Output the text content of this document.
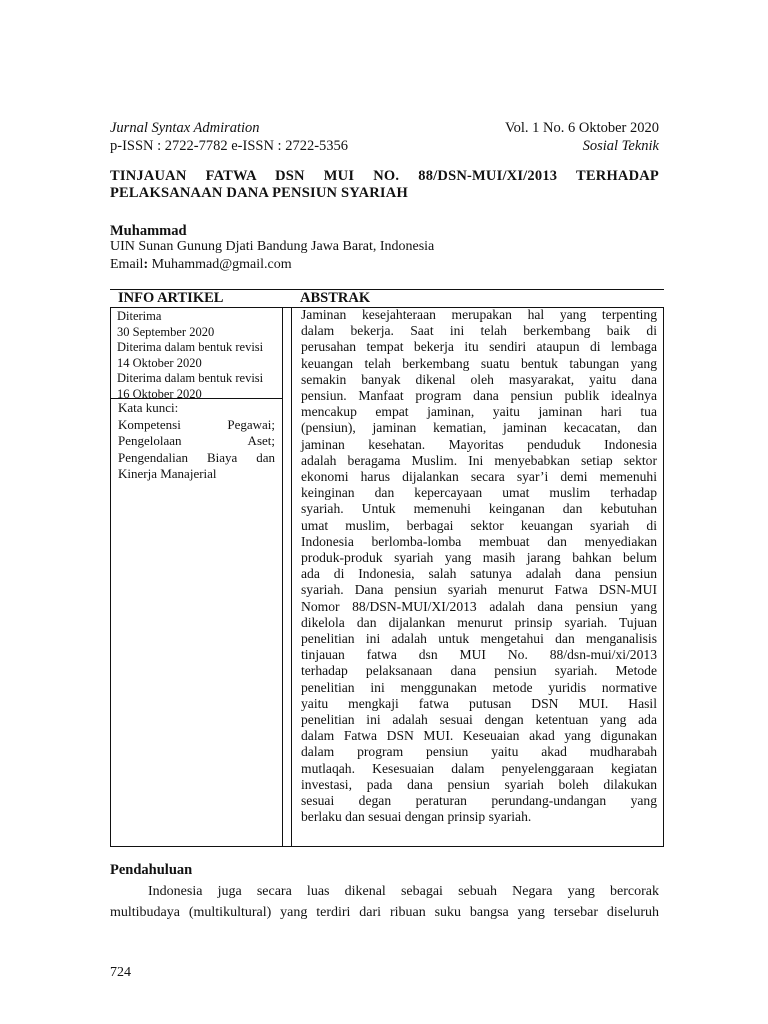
Jurnal Syntax Admiration	Vol. 1 No. 6 Oktober 2020
p-ISSN : 2722-7782 e-ISSN : 2722-5356	Sosial Teknik
TINJAUAN FATWA DSN MUI NO. 88/DSN-MUI/XI/2013 TERHADAP
PELAKSANAAN DANA PENSIUN SYARIAH
Muhammad
UIN Sunan Gunung Djati Bandung Jawa Barat, Indonesia
Email: Muhammad@gmail.com
INFO ARTIKEL	ABSTRAK
Diterima
30 September 2020
Diterima dalam bentuk revisi
14 Oktober 2020
Diterima dalam bentuk revisi
16 Oktober 2020
Kata kunci:
Kompetensi Pegawai;
Pengelolaan Aset;
Pengendalian Biaya dan
Kinerja Manajerial
Jaminan kesejahteraan merupakan hal yang terpenting
dalam bekerja. Saat ini telah berkembang baik di
perusahan tempat bekerja itu sendiri ataupun di lembaga
keuangan telah berkembang suatu bentuk tabungan yang
semakin banyak dikenal oleh masyarakat, yaitu dana
pensiun. Manfaat program dana pensiun publik idealnya
mencakup empat jaminan, yaitu jaminan hari tua
(pensiun), jaminan kematian, jaminan kecacatan, dan
jaminan kesehatan. Mayoritas penduduk Indonesia
adalah beragama Muslim. Ini menyebabkan setiap sektor
ekonomi harus dijalankan secara syar’i demi memenuhi
keinginan dan kepercayaan umat muslim terhadap
syariah. Untuk memenuhi keinganan dan kebutuhan
umat muslim, berbagai sektor keuangan syariah di
Indonesia berlomba-lomba membuat dan menyediakan
produk-produk syariah yang masih jarang bahkan belum
ada di Indonesia, salah satunya adalah dana pensiun
syariah. Dana pensiun syariah menurut Fatwa DSN-MUI
Nomor 88/DSN-MUI/XI/2013 adalah dana pensiun yang
dikelola dan dijalankan menurut prinsip syariah. Tujuan
penelitian ini adalah untuk mengetahui dan menganalisis
tinjauan fatwa dsn MUI No. 88/dsn-mui/xi/2013
terhadap pelaksanaan dana pensiun syariah. Metode
penelitian ini menggunakan metode yuridis normative
yaitu mengkaji fatwa putusan DSN MUI. Hasil
penelitian ini adalah sesuai dengan ketentuan yang ada
dalam Fatwa DSN MUI. Keseuaian akad yang digunakan
dalam program pensiun yaitu akad mudharabah
mutlaqah. Kesesuaian dalam penyelenggaraan kegiatan
investasi, pada dana pensiun syariah boleh dilakukan
sesuai degan peraturan perundang-undangan yang
berlaku dan sesuai dengan prinsip syariah.
Pendahuluan
Indonesia juga secara luas dikenal sebagai sebuah Negara yang bercorak
multibudaya (multikultural) yang terdiri dari ribuan suku bangsa yang tersebar diseluruh
724
